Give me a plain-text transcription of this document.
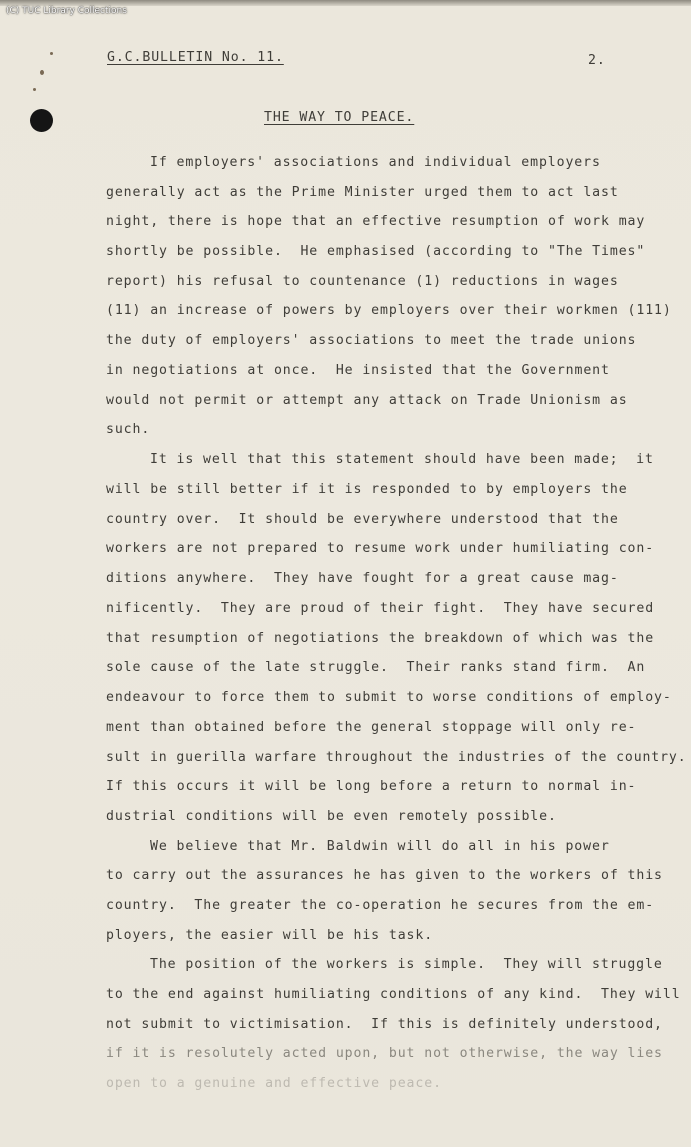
(C) TUC Library Collections
G.C.BULLETIN No. 11.	2.
THE WAY TO PEACE.
If employers' associations and individual employers
generally act as the Prime Minister urged them to act last
night, there is hope that an effective resumption of work may
shortly be possible.  He emphasised (according to "The Times"
report) his refusal to countenance (1) reductions in wages
(11) an increase of powers by employers over their workmen (111)
the duty of employers' associations to meet the trade unions
in negotiations at once.  He insisted that the Government
would not permit or attempt any attack on Trade Unionism as
such.
It is well that this statement should have been made;  it
will be still better if it is responded to by employers the
country over.  It should be everywhere understood that the
workers are not prepared to resume work under humiliating con-
ditions anywhere.  They have fought for a great cause mag-
nificently.  They are proud of their fight.  They have secured
that resumption of negotiations the breakdown of which was the
sole cause of the late struggle.  Their ranks stand firm.  An
endeavour to force them to submit to worse conditions of employ-
ment than obtained before the general stoppage will only re-
sult in guerilla warfare throughout the industries of the country.
If this occurs it will be long before a return to normal in-
dustrial conditions will be even remotely possible.
We believe that Mr. Baldwin will do all in his power
to carry out the assurances he has given to the workers of this
country.  The greater the co-operation he secures from the em-
ployers, the easier will be his task.
The position of the workers is simple.  They will struggle
to the end against humiliating conditions of any kind.  They will
not submit to victimisation.  If this is definitely understood,
if it is resolutely acted upon, but not otherwise, the way lies
open to a genuine and effective peace.
